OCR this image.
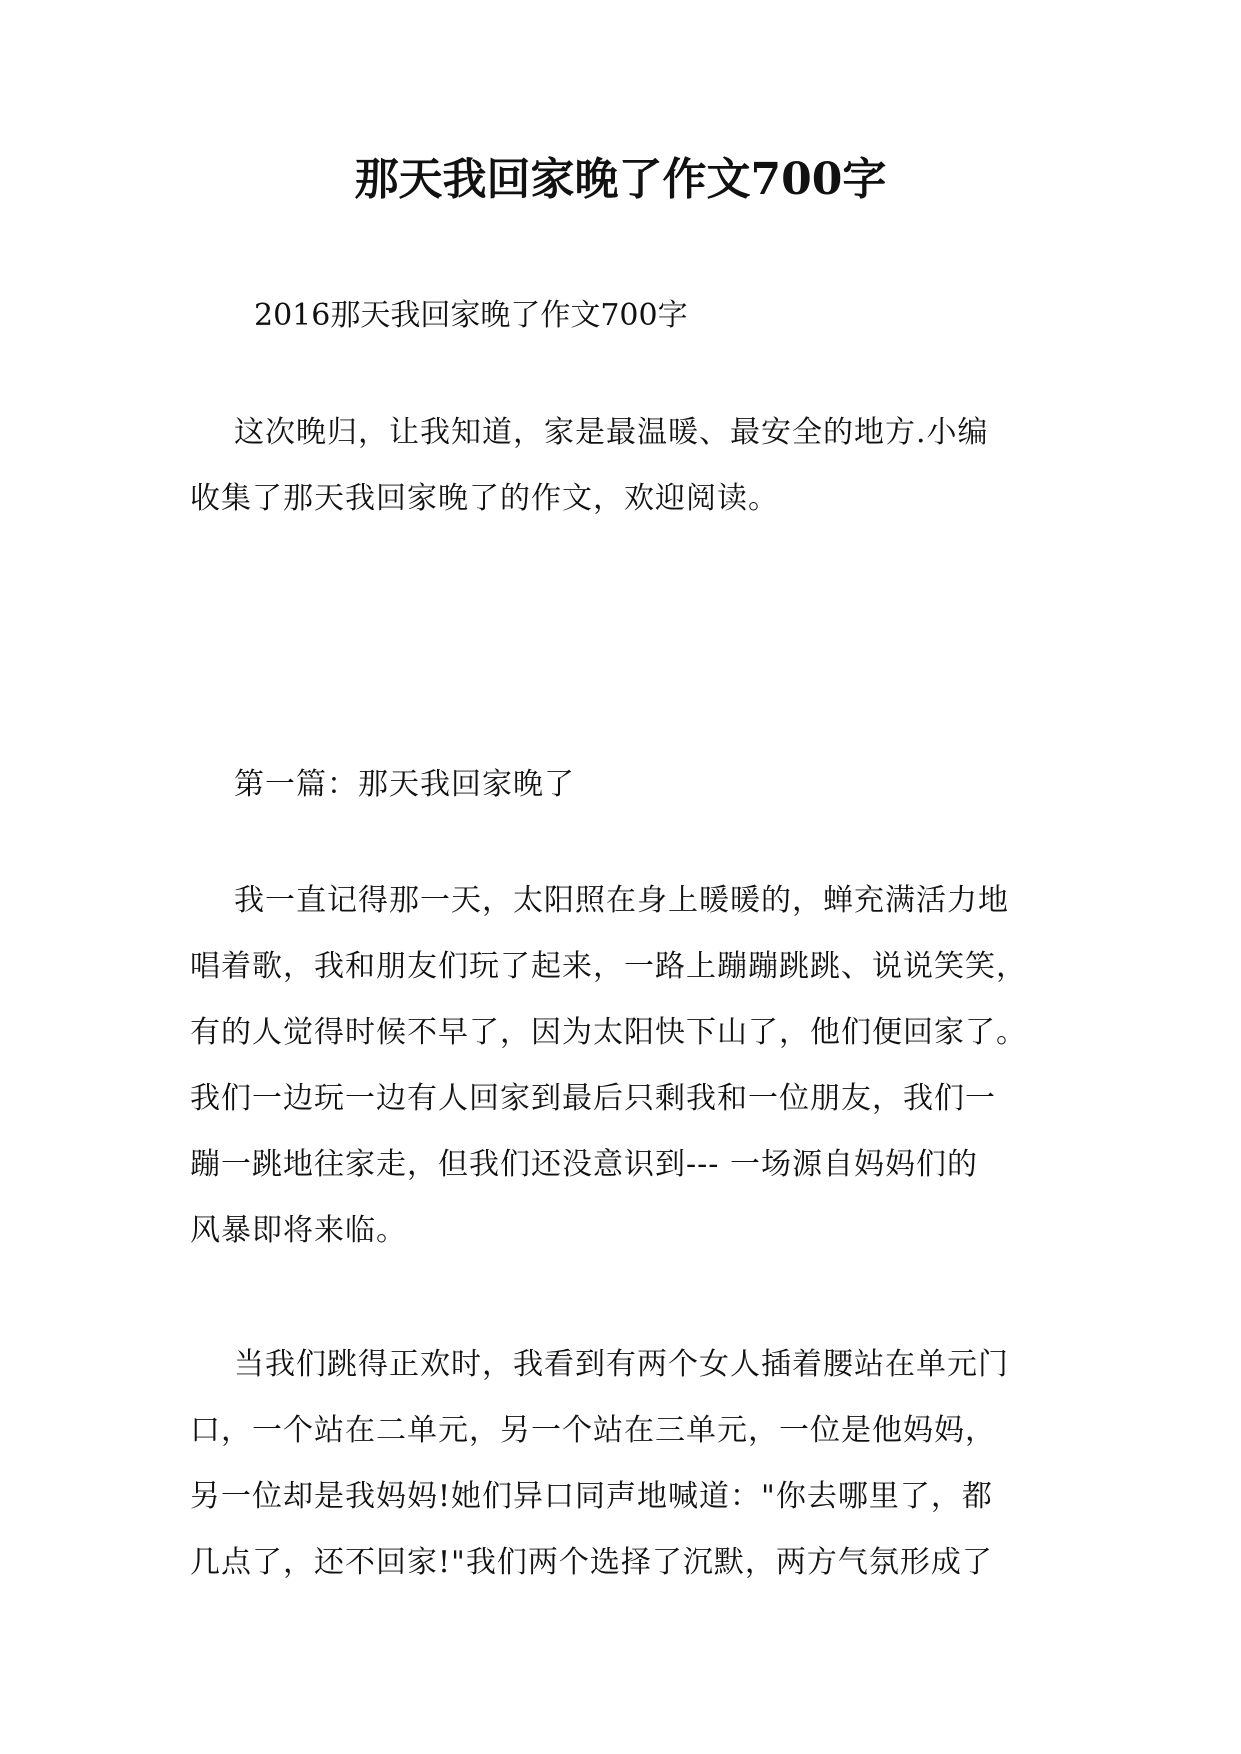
那天我回家晚了作文700字

2016那天我回家晚了作文700字

这次晚归，让我知道，家是最温暖、最安全的地方.小编
收集了那天我回家晚了的作文，欢迎阅读。
第一篇：那天我回家晚了
我一直记得那一天，太阳照在身上暖暖的，蝉充满活力地
唱着歌，我和朋友们玩了起来，一路上蹦蹦跳跳、说说笑笑，
有的人觉得时候不早了，因为太阳快下山了，他们便回家了。
我们一边玩一边有人回家到最后只剩我和一位朋友，我们一
蹦一跳地往家走，但我们还没意识到--- 一场源自妈妈们的
风暴即将来临。
当我们跳得正欢时，我看到有两个女人插着腰站在单元门
口，一个站在二单元，另一个站在三单元，一位是他妈妈，
另一位却是我妈妈!她们异口同声地喊道："你去哪里了，都
几点了，还不回家!"我们两个选择了沉默，两方气氛形成了
